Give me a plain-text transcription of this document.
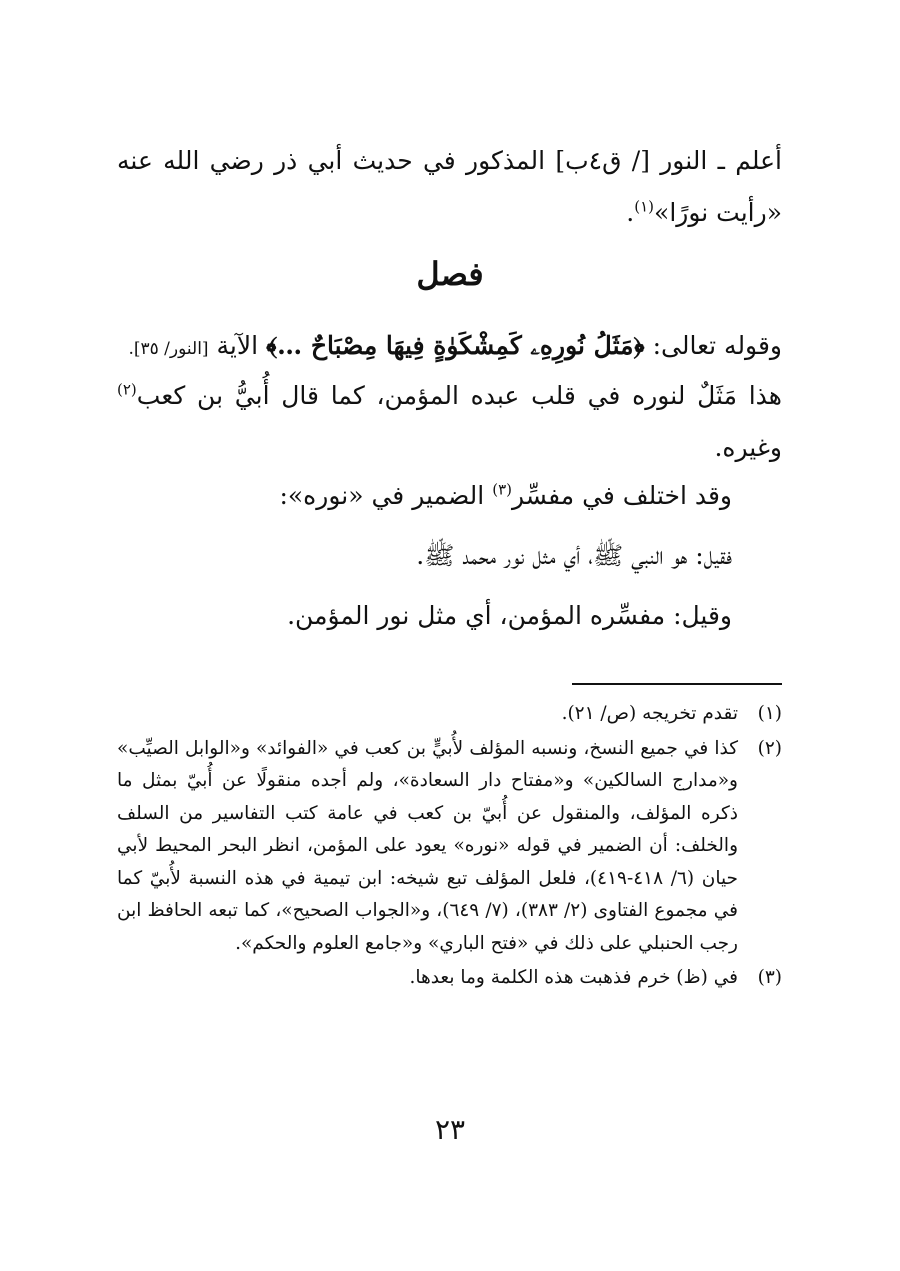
أعلم ـ النور [/ ق٤ب] المذكور في حديث أبي ذر رضي الله عنه «رأيت نورًا»$^{(١)}$.

فصل

وقوله تعالى: ﴿مَثَلُ نُورِهِۦ كَمِشْكَوٰةٍ فِيهَا مِصْبَاحٌ …﴾ الآية [النور/ ٣٥].

هذا مَثَلٌ لنوره في قلب عبده المؤمن، كما قال أُبيُّ بن كعب$^{(٢)}$ وغيره.

وقد اختلف في مفسِّر$^{(٣)}$ الضمير في «نوره»:

فقيل: هو النبي ﷺ، أي مثل نور محمد ﷺ.

وقيل: مفسِّره المؤمن، أي مثل نور المؤمن.

(١)
تقدم تخريجه (ص/ ٢١).
(٢)
كذا في جميع النسخ، ونسبه المؤلف لأُبيٍّ بن كعب في «الفوائد» و«الوابل الصيِّب» و«مدارج السالكين» و«مفتاح دار السعادة»، ولم أجده منقولًا عن أُبيّ بمثل ما ذكره المؤلف، والمنقول عن أُبيّ بن كعب في عامة كتب التفاسير من السلف والخلف: أن الضمير في قوله «نوره» يعود على المؤمن، انظر البحر المحيط لأبي حيان (٦/ ٤١٨-٤١٩)، فلعل المؤلف تبع شيخه: ابن تيمية في هذه النسبة لأُبيّ كما في مجموع الفتاوى (٢/ ٣٨٣)، (٧/ ٦٤٩)، و«الجواب الصحيح»، كما تبعه الحافظ ابن رجب الحنبلي على ذلك في «فتح الباري» و«جامع العلوم والحكم».
(٣)
في (ظ) خرم فذهبت هذه الكلمة وما بعدها.
٢٣
